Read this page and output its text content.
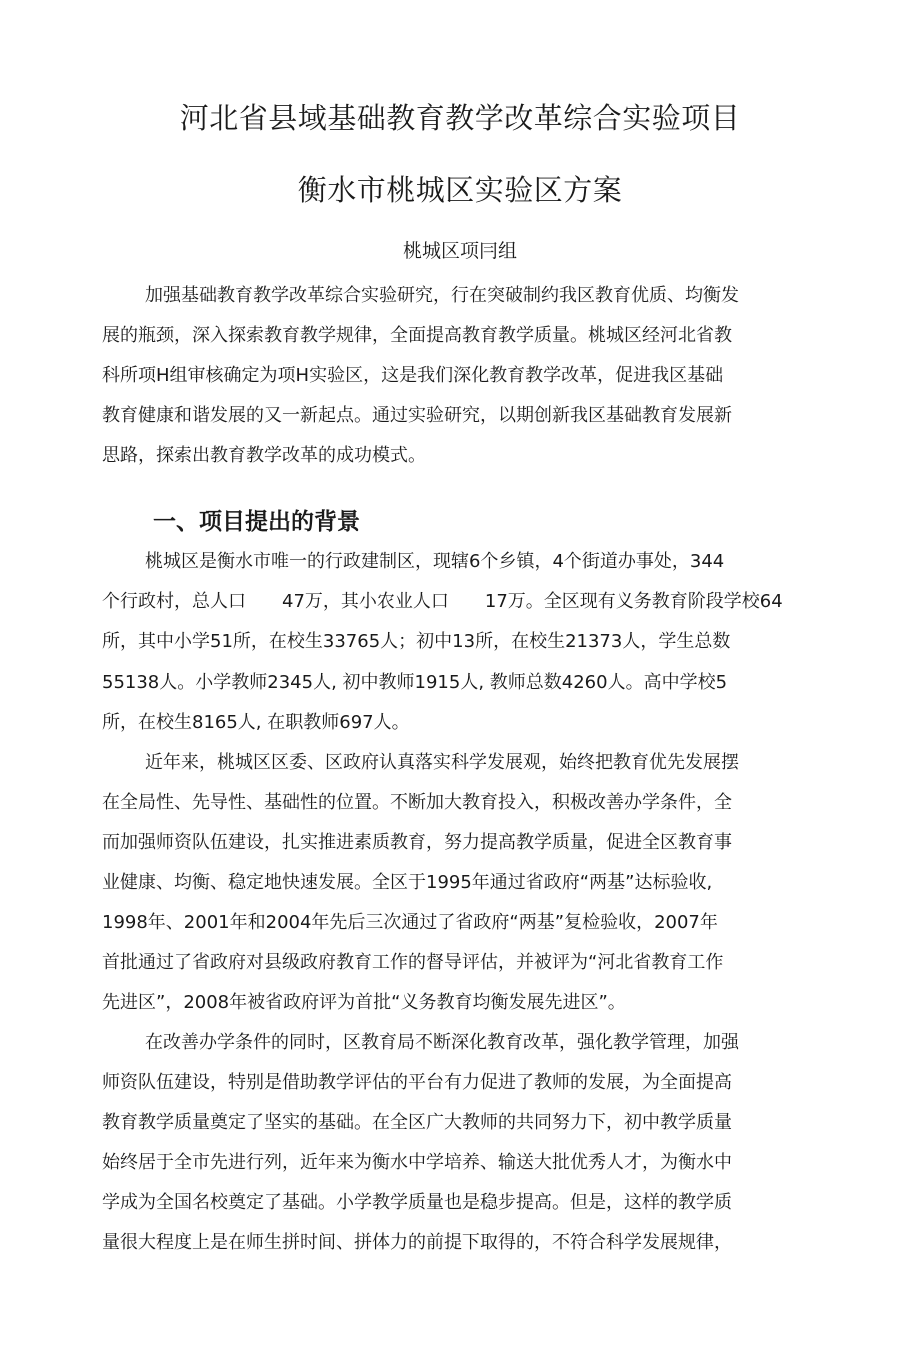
河北省县域基础教育教学改革综合实验项目
衡水市桃城区实验区方案

桃城区项冃组

加强基础教育教学改革综合实验研究，行在突破制约我区教育优质、均衡发

展的瓶颈，深入探索教育教学规律，全面提高教育教学质量。桃城区经河北省教

科所项H组审核确定为项H实验区，这是我们深化教育教学改革，促进我区基础

教育健康和谐发展的又一新起点。通过实验研究，以期创新我区基础教育发展新

思路，探索出教育教学改革的成功模式。

一、项目提出的背景

桃城区是衡水市唯一的行政建制区，现辖6个乡镇，4个街道办事处，344

个行政村，总人口　　47万，其小农业人口　　17万。全区现有义务教育阶段学校64

所，其中小学51所，在校生33765人；初中13所，在校生21373人，学生总数

55138人。小学教师2345人, 初中教师1915人, 教师总数4260人。高中学校5

所，在校生8165人, 在职教师697人。

近年来，桃城区区委、区政府认真落实科学发展观，始终把教育优先发展摆

在全局性、先导性、基础性的位置。不断加大教育投入，积极改善办学条件，全

而加强师资队伍建设，扎实推进素质教育，努力提高教学质量，促进全区教育事

业健康、均衡、稳定地快速发展。全区于1995年通过省政府“两基”达标验收,

1998年、2001年和2004年先后三次通过了省政府“两基”复检验收，2007年

首批通过了省政府对县级政府教育工作的督导评估，并被评为“河北省教育工作

先进区”，2008年被省政府评为首批“义务教育均衡发展先进区”。

在改善办学条件的同时，区教育局不断深化教育改革，强化教学管理，加强

师资队伍建设，特别是借助教学评估的平台有力促进了教师的发展，为全面提高

教育教学质量奠定了坚实的基础。在全区广大教师的共同努力下，初中教学质量

始终居于全市先进行列，近年来为衡水中学培养、输送大批优秀人才，为衡水中

学成为全国名校奠定了基础。小学教学质量也是稳步提高。但是，这样的教学质

量很大程度上是在师生拼时间、拼体力的前提下取得的，不符合科学发展规律，
